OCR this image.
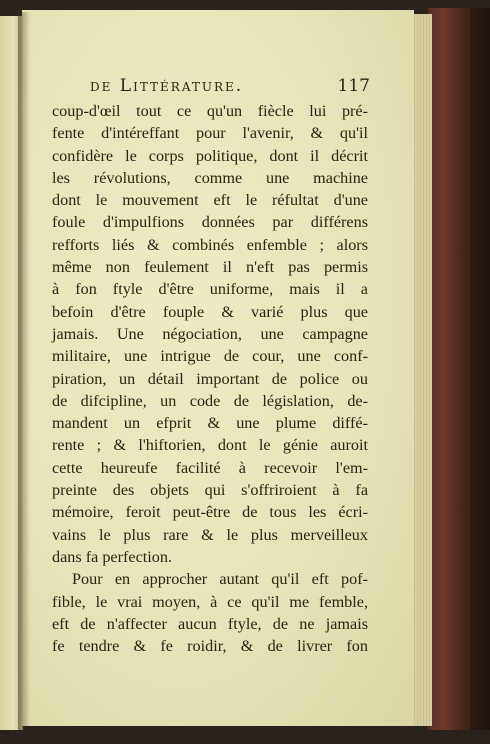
de Littérature.	117
coup-d'œil tout ce qu'un fiècle lui pré-
fente d'intéreffant pour l'avenir, & qu'il
confidère le corps politique, dont il décrit
les révolutions, comme une machine
dont le mouvement eft le réfultat d'une
foule d'impulfions données par différens
refforts liés & combinés enfemble ; alors
même non feulement il n'eft pas permis
à fon ftyle d'être uniforme, mais il a
befoin d'être fouple & varié plus que
jamais. Une négociation, une campagne
militaire, une intrigue de cour, une conf-
piration, un détail important de police ou
de difcipline, un code de législation, de-
mandent un efprit & une plume diffé-
rente ; & l'hiftorien, dont le génie auroit
cette heureufe facilité à recevoir l'em-
preinte des objets qui s'offriroient à fa
mémoire, feroit peut-être de tous les écri-
vains le plus rare & le plus merveilleux
dans fa perfection.
Pour en approcher autant qu'il eft pof-
fible, le vrai moyen, à ce qu'il me femble,
eft de n'affecter aucun ftyle, de ne jamais
fe tendre & fe roidir, & de livrer fon
